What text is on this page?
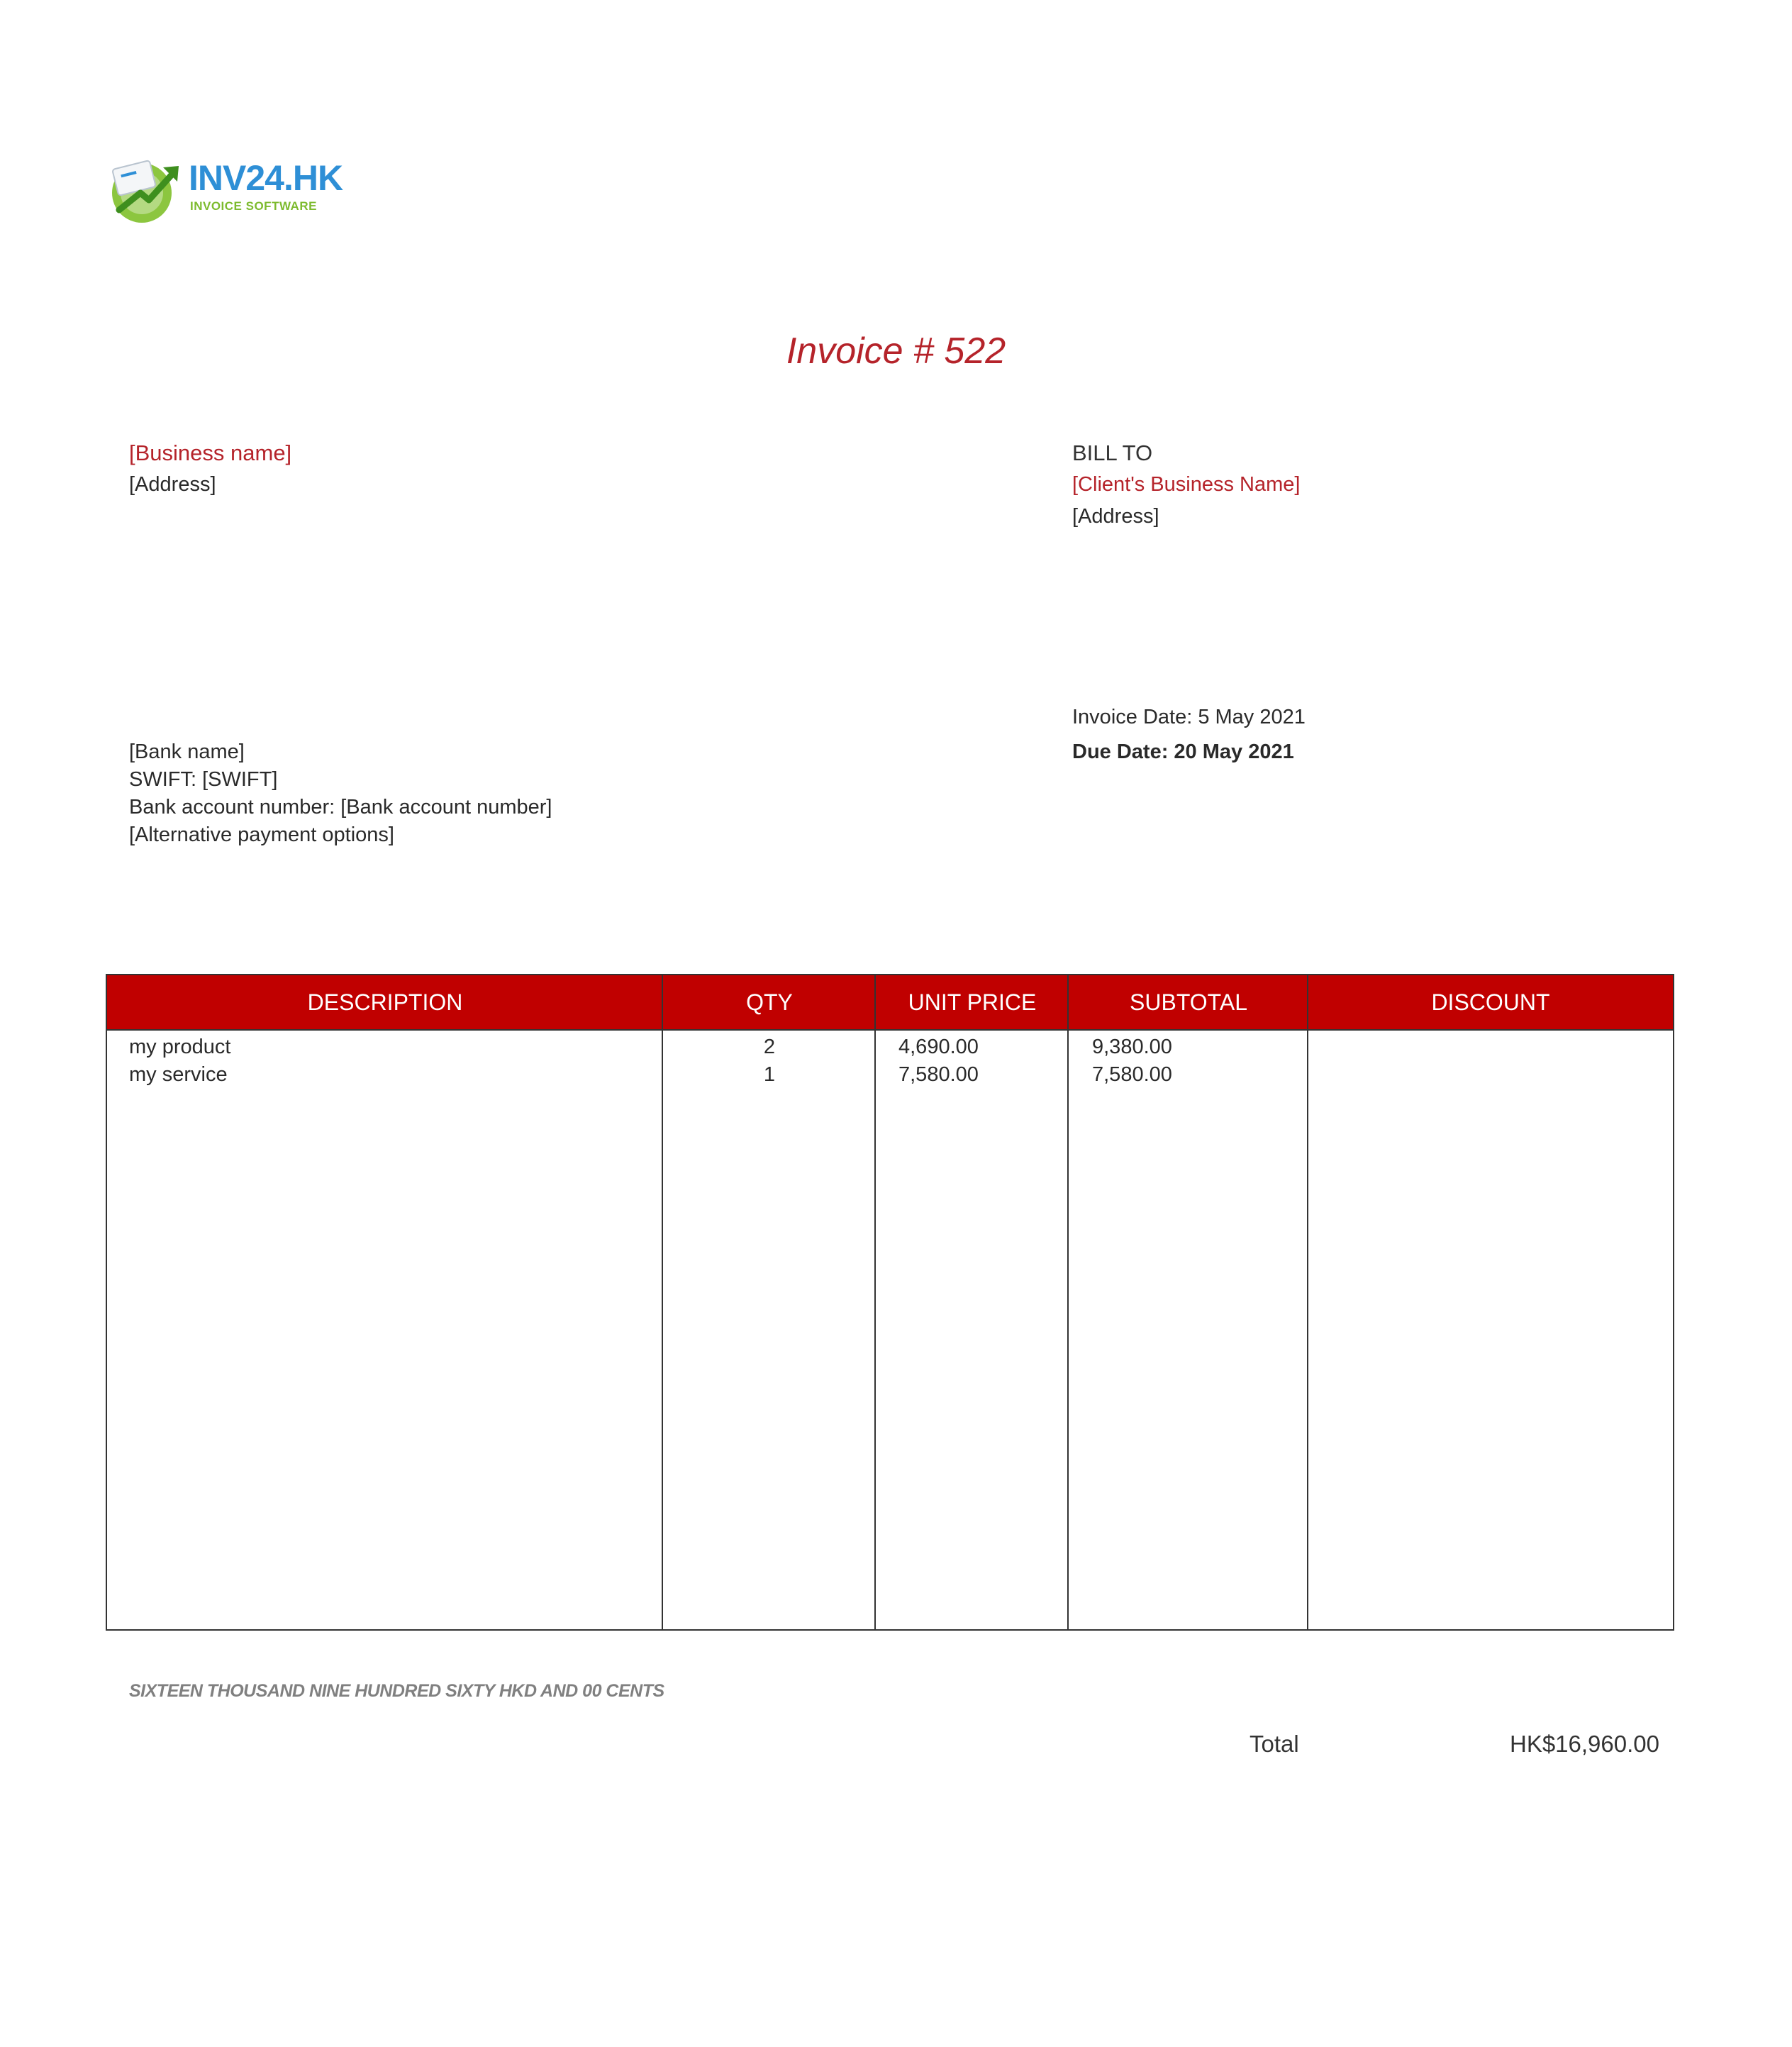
INV24.HK
INVOICE SOFTWARE
Invoice # 522
[Business name]
[Address]
BILL TO
[Client's Business Name]
[Address]
Invoice Date: 5 May 2021
Due Date: 20 May 2021
[Bank name]
SWIFT: [SWIFT]
Bank account number: [Bank account number]
[Alternative payment options]
DESCRIPTION	QTY	UNIT PRICE	SUBTOTAL	DISCOUNT
my product	2	4,690.00	9,380.00
my service	1	7,580.00	7,580.00
SIXTEEN THOUSAND NINE HUNDRED SIXTY HKD AND 00 CENTS
Total	HK$16,960.00
